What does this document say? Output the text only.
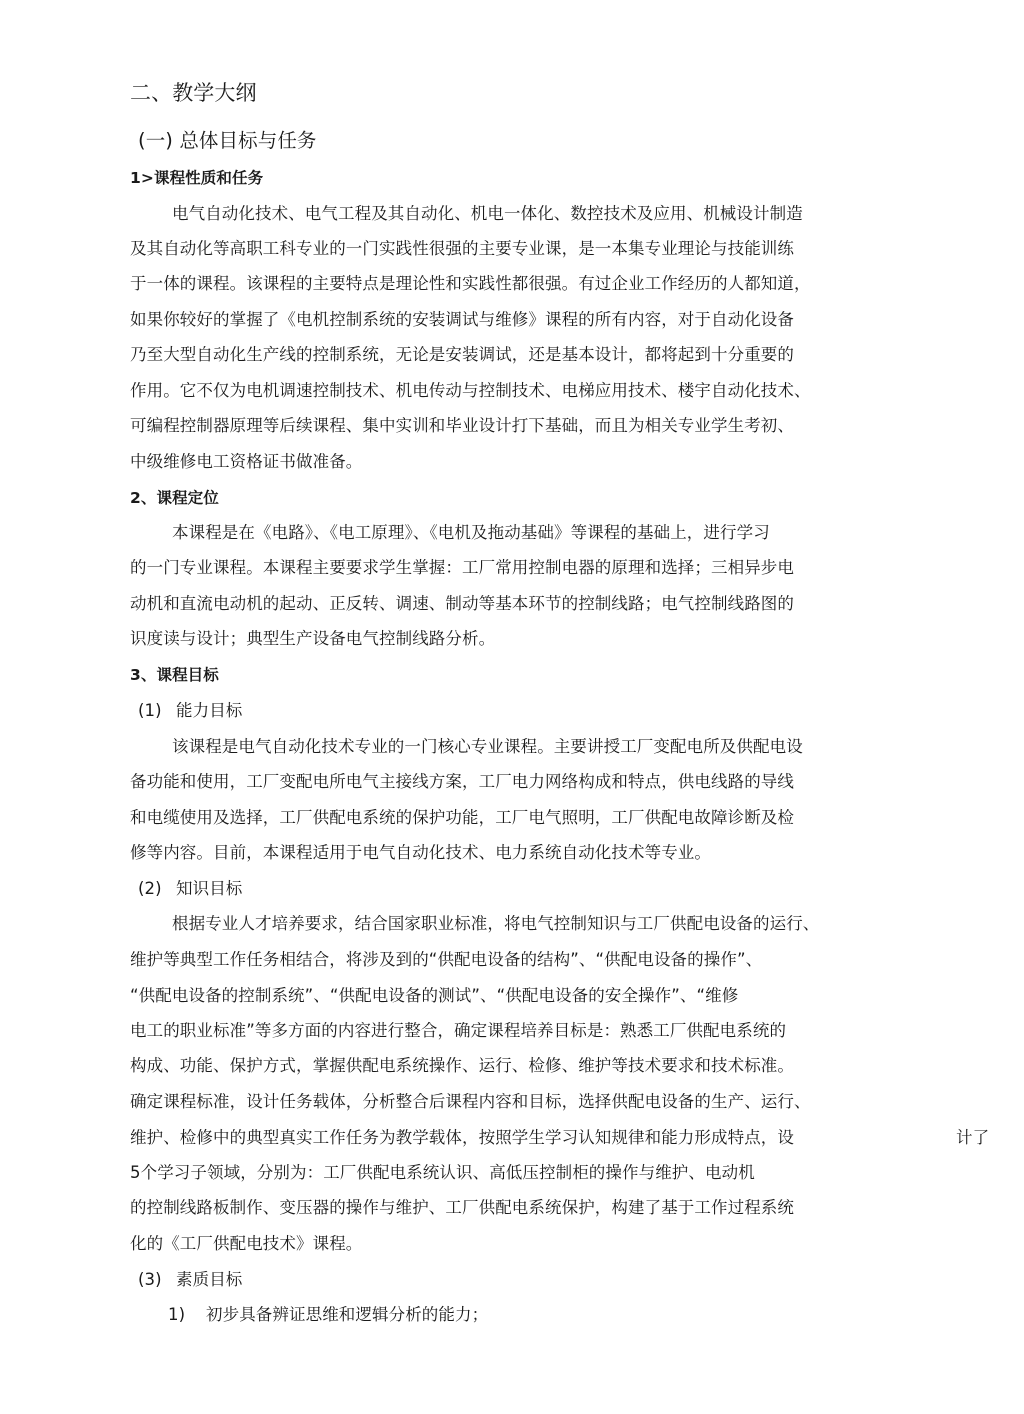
二、教学大纲
(一) 总体目标与任务
1>课程性质和任务
电气自动化技术、电气工程及其自动化、机电一体化、数控技术及应用、机械设计制造
及其自动化等高职工科专业的一门实践性很强的主要专业课，是一本集专业理论与技能训练
于一体的课程。该课程的主要特点是理论性和实践性都很强。有过企业工作经历的人都知道，
如果你较好的掌握了《电机控制系统的安装调试与维修》课程的所有内容，对于自动化设备
乃至大型自动化生产线的控制系统，无论是安装调试，还是基本设计，都将起到十分重要的
作用。它不仅为电机调速控制技术、机电传动与控制技术、电梯应用技术、楼宇自动化技术、
可编程控制器原理等后续课程、集中实训和毕业设计打下基础，而且为相关专业学生考初、
中级维修电工资格证书做准备。
2、课程定位
本课程是在《电路》、《电工原理》、《电机及拖动基础》等课程的基础上，进行学习
的一门专业课程。本课程主要要求学生掌握：工厂常用控制电器的原理和选择；三相异步电
动机和直流电动机的起动、正反转、调速、制动等基本环节的控制线路；电气控制线路图的
识度读与设计；典型生产设备电气控制线路分析。
3、课程目标
(1) 能力目标
该课程是电气自动化技术专业的一门核心专业课程。主要讲授工厂变配电所及供配电设
备功能和使用，工厂变配电所电气主接线方案，工厂电力网络构成和特点，供电线路的导线
和电缆使用及选择，工厂供配电系统的保护功能，工厂电气照明，工厂供配电故障诊断及检
修等内容。目前，本课程适用于电气自动化技术、电力系统自动化技术等专业。
(2) 知识目标
根据专业人才培养要求，结合国家职业标准，将电气控制知识与工厂供配电设备的运行、
维护等典型工作任务相结合，将涉及到的“供配电设备的结构”、“供配电设备的操作”、
“供配电设备的控制系统”、“供配电设备的测试”、“供配电设备的安全操作”、“维修
电工的职业标准”等多方面的内容进行整合，确定课程培养目标是：熟悉工厂供配电系统的
构成、功能、保护方式，掌握供配电系统操作、运行、检修、维护等技术要求和技术标准。
确定课程标准，设计任务载体，分析整合后课程内容和目标，选择供配电设备的生产、运行、
维护、检修中的典型真实工作任务为教学载体，按照学生学习认知规律和能力形成特点，设	计了
5个学习子领域，分别为：工厂供配电系统认识、高低压控制柜的操作与维护、电动机
的控制线路板制作、变压器的操作与维护、工厂供配电系统保护，构建了基于工作过程系统
化的《工厂供配电技术》课程。
(3) 素质目标
1) 初步具备辨证思维和逻辑分析的能力；
